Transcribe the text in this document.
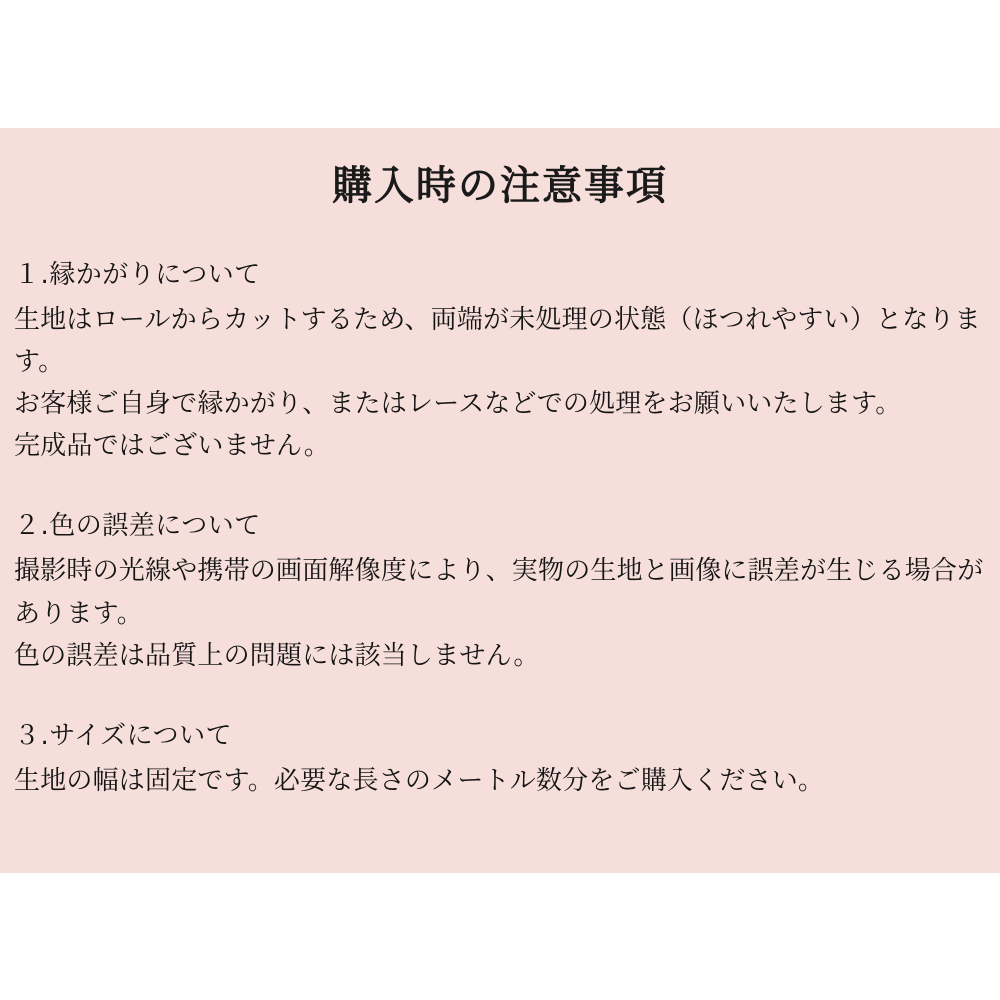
購入時の注意事項
１.縁かがりについて

生地はロールからカットするため、両端が未処理の状態（ほつれやすい）となります。

お客様ご自身で縁かがり、またはレースなどでの処理をお願いいたします。

完成品ではございません。

２.色の誤差について

撮影時の光線や携帯の画面解像度により、実物の生地と画像に誤差が生じる場合があります。

色の誤差は品質上の問題には該当しません。

３.サイズについて

生地の幅は固定です。必要な長さのメートル数分をご購入ください。
